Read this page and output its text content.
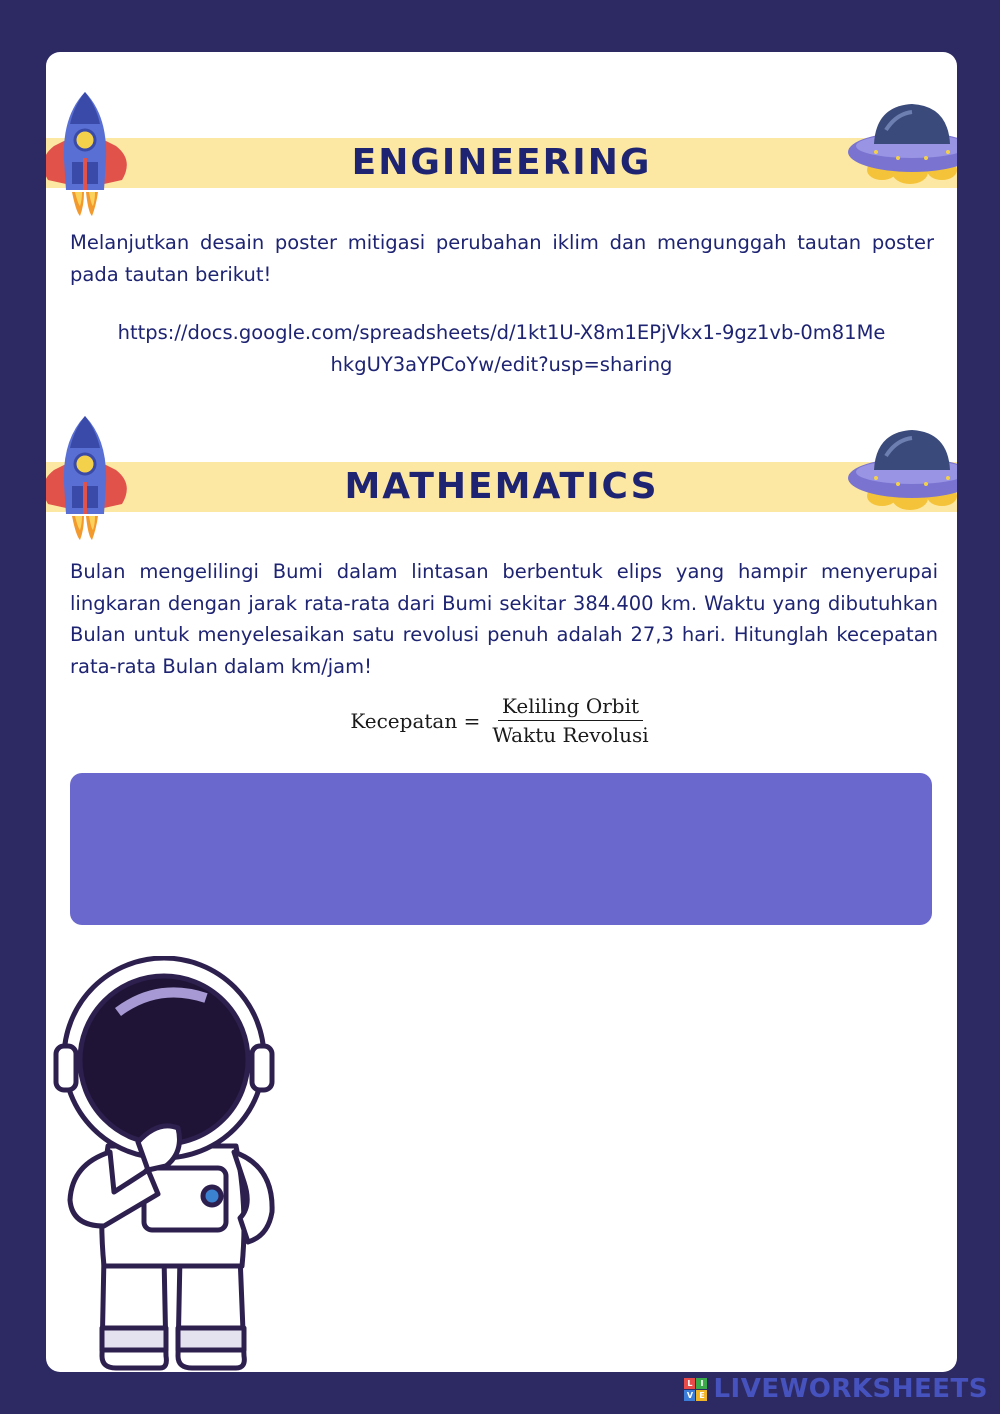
ENGINEERING

Melanjutkan desain poster mitigasi perubahan iklim dan mengunggah tautan poster pada tautan berikut!

https://docs.google.com/spreadsheets/d/1kt1U-X8m1EPjVkx1-9gz1vb-0m81MehkgUY3aYPCoYw/edit?usp=sharing
MATHEMATICS

Bulan mengelilingi Bumi dalam lintasan berbentuk elips yang hampir menyerupai lingkaran dengan jarak rata-rata dari Bumi sekitar 384.400 km. Waktu yang dibutuhkan Bulan untuk menyelesaikan satu revolusi penuh adalah 27,3 hari. Hitunglah kecepatan rata-rata Bulan dalam km/jam!

Kecepatan = $\frac{\text{Keliling Orbit}}{\text{Waktu Revolusi}}$
L I
V E LIVEWORKSHEETS
